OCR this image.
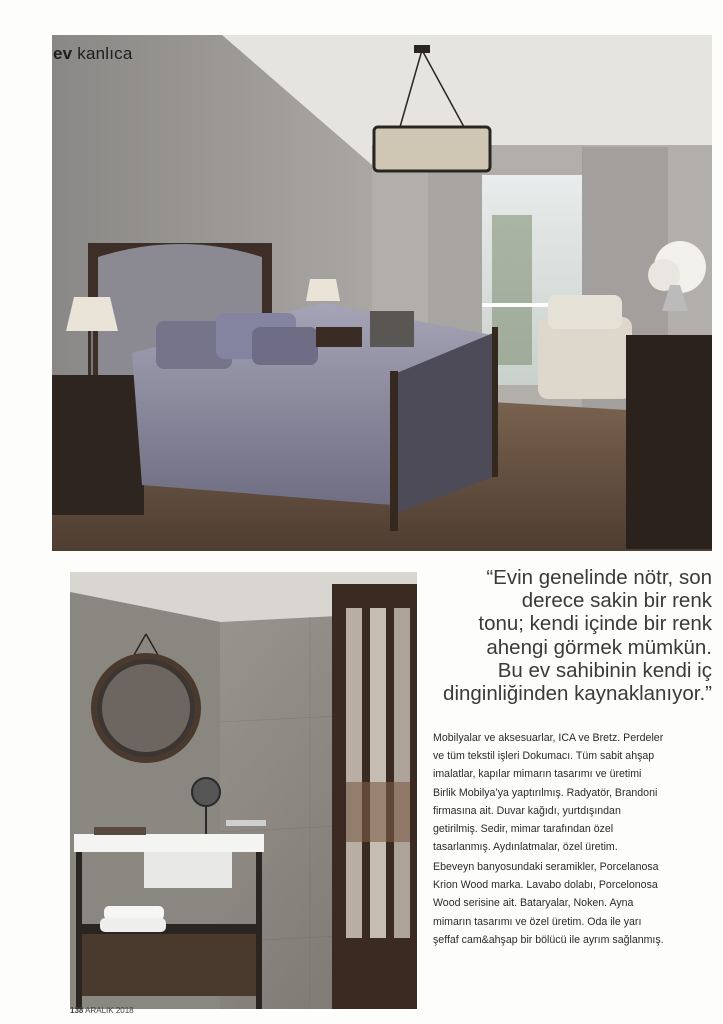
ev kanlıca
“Evin genelinde nötr, son
derece sakin bir renk
tonu; kendi içinde bir renk
ahengi görmek mümkün.
Bu ev sahibinin kendi iç
dinginliğinden kaynaklanıyor.”
Mobilyalar ve aksesuarlar, ICA ve Bretz. Perdeler
ve tüm tekstil işleri Dokumacı. Tüm sabit ahşap
imalatlar, kapılar mimarın tasarımı ve üretimi
Birlik Mobilya’ya yaptırılmış. Radyatör, Brandoni
firmasına ait. Duvar kağıdı, yurtdışından
getirilmiş. Sedir, mimar tarafından özel
tasarlanmış. Aydınlatmalar, özel üretim.
Ebeveyn banyosundaki seramikler, Porcelanosa
Krion Wood marka. Lavabo dolabı, Porcelonosa
Wood serisine ait. Bataryalar, Noken. Ayna
mimarın tasarımı ve özel üretim. Oda ile yarı
şeffaf cam&ahşap bir bölücü ile ayrım sağlanmış.
138 ARALIK 2018
